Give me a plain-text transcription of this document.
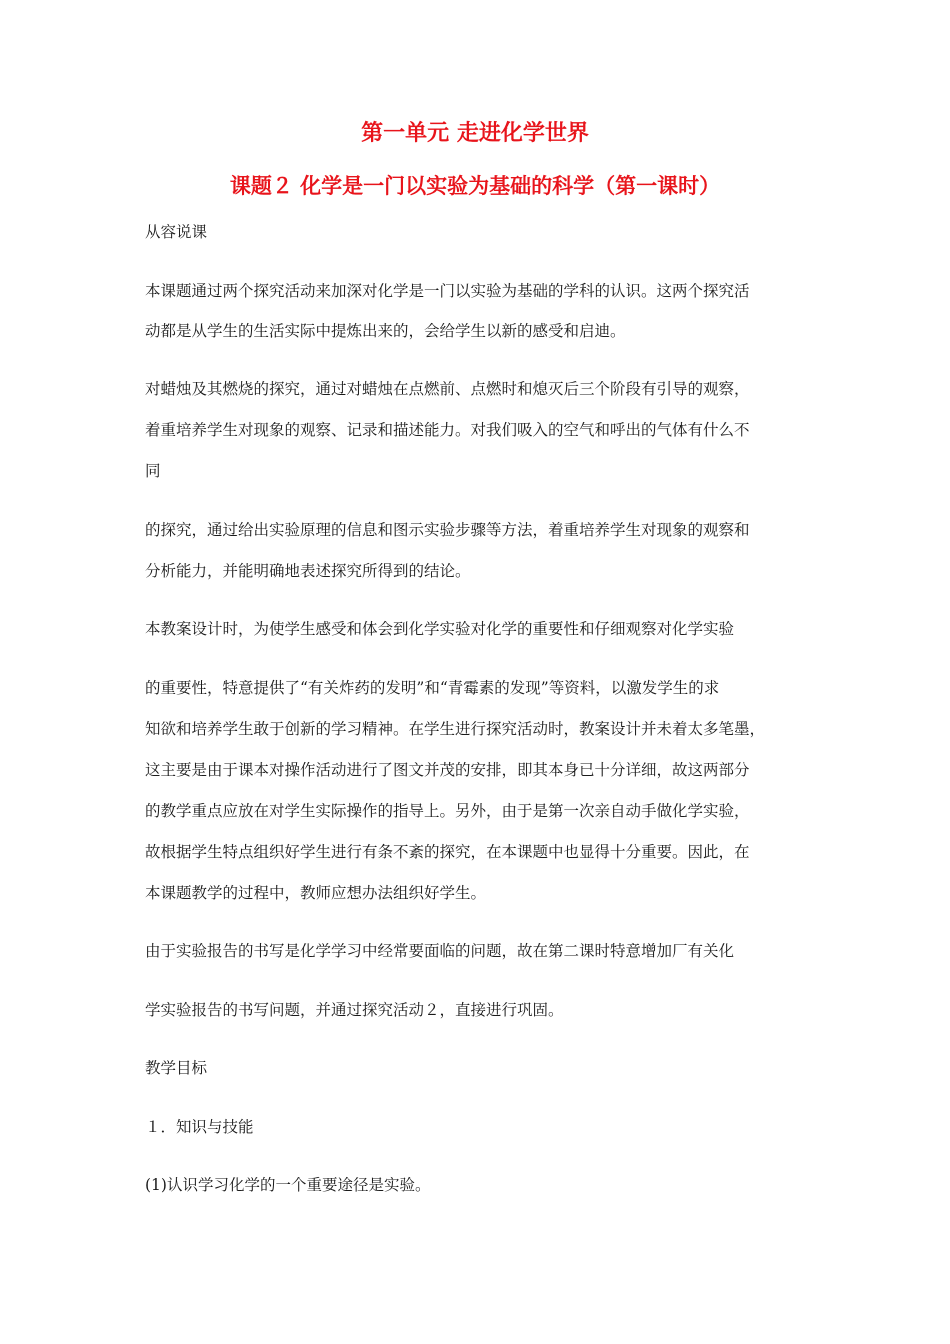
第一单元 走进化学世界
课题２ 化学是一门以实验为基础的科学（第一课时）
从容说课
本课题通过两个探究活动来加深对化学是一门以实验为基础的学科的认识。这两个探究活
动都是从学生的生活实际中提炼出来的，会给学生以新的感受和启迪。
对蜡烛及其燃烧的探究，通过对蜡烛在点燃前、点燃时和熄灭后三个阶段有引导的观察，
着重培养学生对现象的观察、记录和描述能力。对我们吸入的空气和呼出的气体有什么不
同
的探究，通过给出实验原理的信息和图示实验步骤等方法，着重培养学生对现象的观察和
分析能力，并能明确地表述探究所得到的结论。
本教案设计时，为使学生感受和体会到化学实验对化学的重要性和仔细观察对化学实验
的重要性，特意提供了“有关炸药的发明”和“青霉素的发现”等资料，以激发学生的求
知欲和培养学生敢于创新的学习精神。在学生进行探究活动时，教案设计并未着太多笔墨，
这主要是由于课本对操作活动进行了图文并茂的安排，即其本身已十分详细，故这两部分
的教学重点应放在对学生实际操作的指导上。另外，由于是第一次亲自动手做化学实验，
故根据学生特点组织好学生进行有条不紊的探究，在本课题中也显得十分重要。因此，在
本课题教学的过程中，教师应想办法组织好学生。
由于实验报告的书写是化学学习中经常要面临的问题，故在第二课时特意增加厂有关化
学实验报告的书写问题，并通过探究活动２，直接进行巩固。
教学目标
１．知识与技能
(1)认识学习化学的一个重要途径是实验。
